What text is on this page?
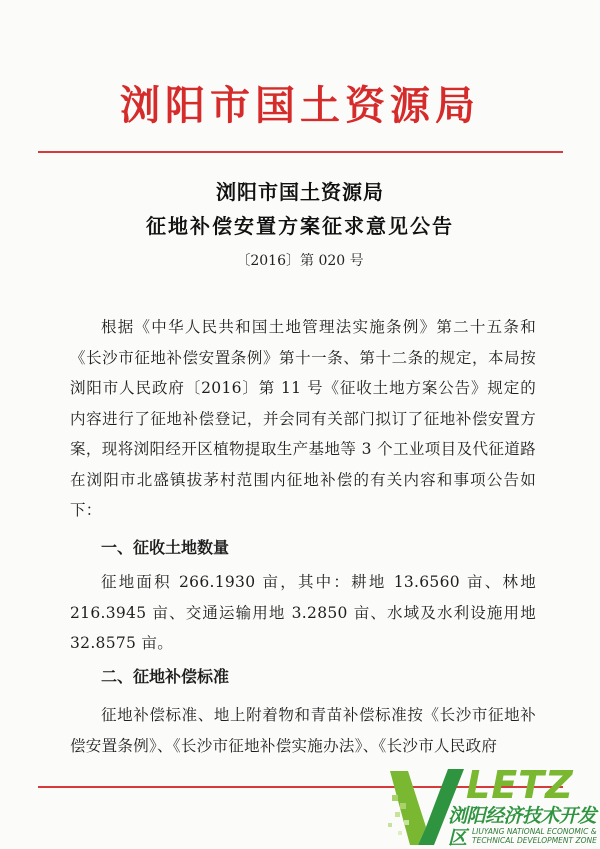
浏阳市国土资源局
浏阳市国土资源局
征地补偿安置方案征求意见公告
〔2016〕第 020 号

根据《中华人民共和国土地管理法实施条例》第二十五条和《长沙市征地补偿安置条例》第十一条、第十二条的规定，本局按浏阳市人民政府〔2016〕第 11 号《征收土地方案公告》规定的内容进行了征地补偿登记，并会同有关部门拟订了征地补偿安置方案，现将浏阳经开区植物提取生产基地等 3 个工业项目及代征道路在浏阳市北盛镇拔茅村范围内征地补偿的有关内容和事项公告如下：

一、征收土地数量

征地面积 266.1930 亩，其中：耕地 13.6560 亩、林地 216.3945 亩、交通运输用地 3.2850 亩、水域及水利设施用地 32.8575 亩。

二、征地补偿标准

征地补偿标准、地上附着物和青苗补偿标准按《长沙市征地补偿安置条例》、《长沙市征地补偿实施办法》、《长沙市人民政府

LETZ
浏阳经济技术开发区 LIUYANG NATIONAL ECONOMIC &
TECHNICAL DEVELOPMENT ZONE
